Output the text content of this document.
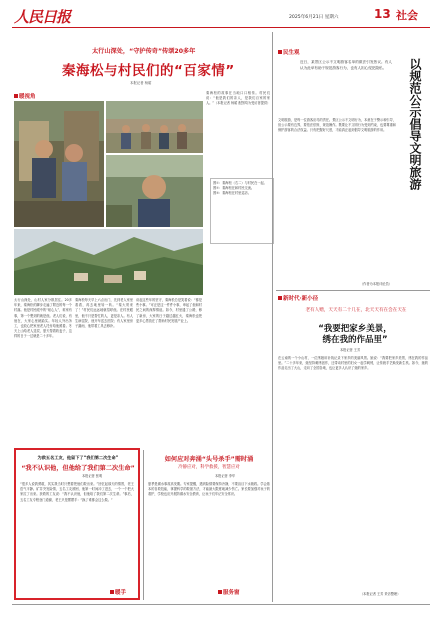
人民日报	2025年6月21日 星期六	13 社会
太行山深处，“守护传奇”传颂20多年
秦海松与村民们的“百家情”
本报记者 杨昭
暖视角
太行山深处，山村人家分散居住。20多年来，秦海松的脚步走遍了附近的每一个村落。他是村民眼中的“贴心人”，谁家有事，第一个想到的就是他。老人们说，有他在，大家心里就踏实。年轻人外出务工，也放心把家里老人托付给他照看。冬天上山给老人送炭，夏天帮着收麦子，这样的日子一过就是二十多年。
秦海松每天早上六点出门，先到老人家里看看，再去地里转一转。“秦大哥来了！”村民们远远地就招呼他。在村民眼里，他不只是帮忙的人，更是亲人。有人生病住院，他开车送去医院；有人家里房子漏雨，他带着工具去修补。
谈起这些年的坚守，秦海松总是笑着说：“都是些小事。”可正是这一件件小事，串起了他和村民之间的深厚情谊。如今，村里通了公路，修了新房，大家的日子越过越红火，秦海松也把更多心思放在了帮助村民发展产业上。
秦海松的故事在当地口口相传。村民们说：“他是我们的亲人，是我们百家的家人。”（本报记者 杨昭 配图均为受访者提供）
图①：秦海松（右二）与村民在一起。
图②：秦海松在和村民交流。
图③：秦海松在村里巡访。
民生观
近日，某景区公示不文明游客名单的做法引发热议。有人认为此举有助于规范游客行为，也有人担心侵犯隐私。	以规范公示倡导文明旅游
文明旅游，是每一位游客应尽的责任。景区公示不文明行为，本意在于警示和引导，但公示要有边界，要依法依规、规范操作。既要让不文明行为受到约束，也要尊重和保护游客的合法权益。只有把握好尺度，才能真正起到倡导文明旅游的作用。
（作者为本报评论员）
新时代·新小径
老有人赠，天天有二十几在，北天天有在会在天在
“我要把家乡美景，
绣在我的作品里”
本报记者 王芳
在云南的一个小山村，一位绣娘用针线记录下家乡的美丽风景。她说：“我要把家乡美景，绣在我的作品里。”二十多年来，她坚持刺绣创作，还带动村里的妇女一起学刺绣，让传统手艺焕发新生机。如今，她的作品走出了大山，走向了全国各地，也让更多人认识了她的家乡。
（本报记者 王芳 采访整理）
为救五名工友，他留下了“我们第二次生命”
“我不认识他，但他给了我们第二次生命”
本报记者 张明
“很多人说我勇敢，其实我当时只想着把他们救出来。”回忆起那天的情景，老王语气平静。矿井突发险情，五名工友被困，他第一时间冲了进去，一个一个把大家拉了出来。获救的工友说：“我不认识他，但他给了我们第二次生命。”事后，五名工友专程登门道谢，老王只是摆摆手：“换了谁都会这么做。”
暖手
如何应对奔涌“头号杀手”需时涌
冷静应对，科学救援，智慧应对
本报记者 李华
夏季是溺水事故高发期。专家提醒，遇到险情要保持冷静，不要盲目下水施救。学会基本的自救技能，掌握科学的救援方法，才能最大限度地减少伤亡。家长要加强对孩子的看护，学校也应开展防溺水安全教育，让孩子们牢记安全常识。
服务窗
